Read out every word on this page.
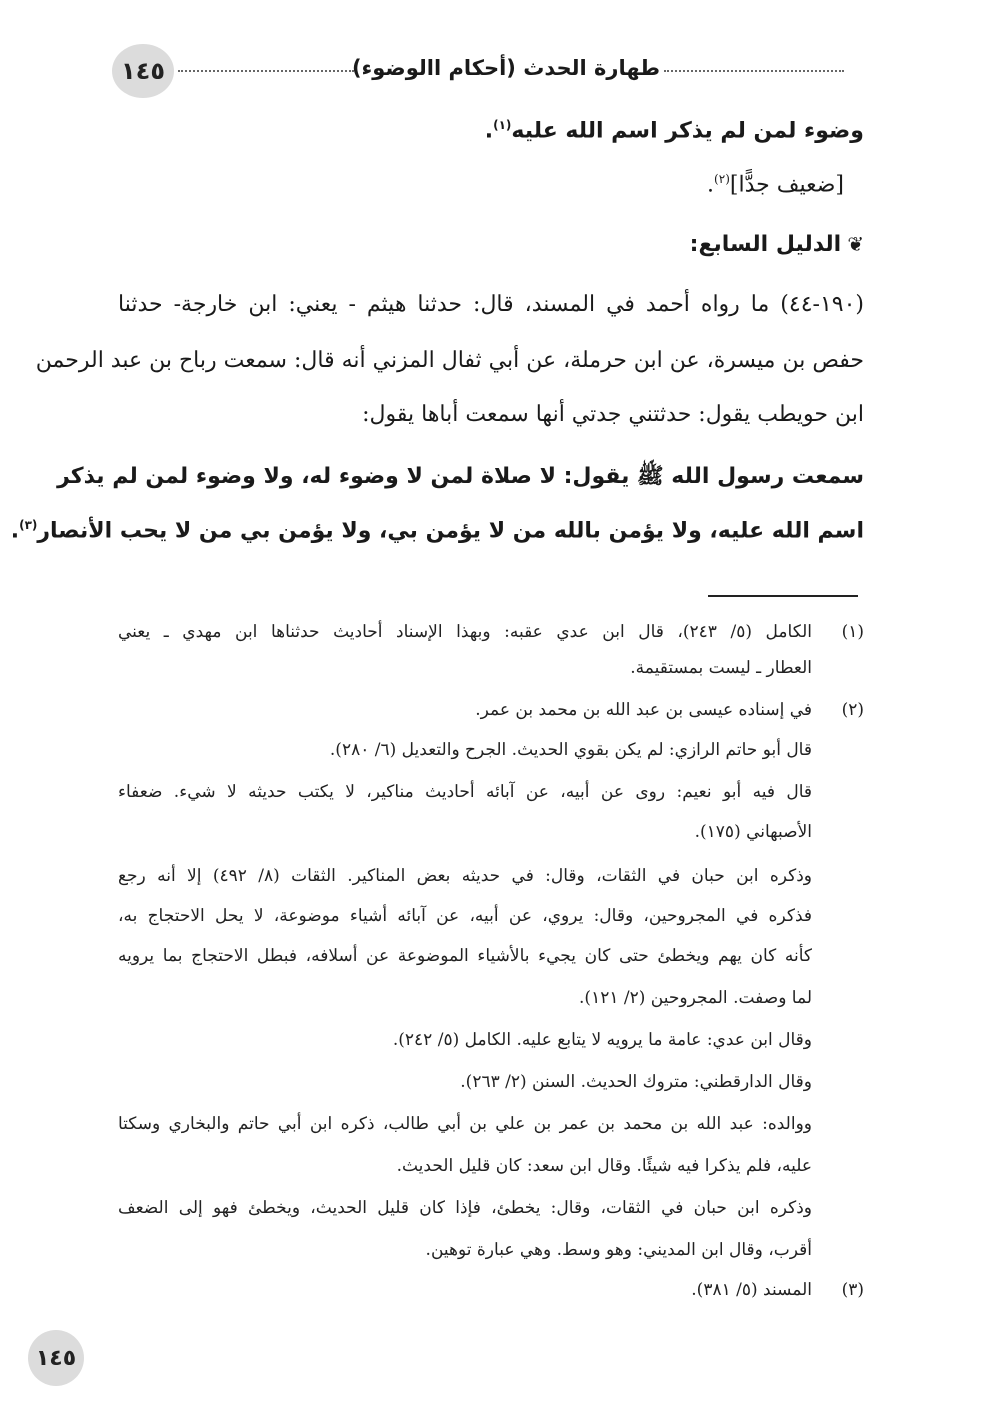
١٤٥	طهارة الحدث (أحكام االوضوء)
وضوء لمن لم يذكر اسم الله عليه$^{(١)}$.
[ضعيف جدًّا]$^{(٢)}$.
❦الدليل السابع:
(١٩٠-٤٤) ما رواه أحمد في المسند، قال: حدثنا هيثم - يعني: ابن خارجة- حدثنا
حفص بن ميسرة، عن ابن حرملة، عن أبي ثفال المزني أنه قال: سمعت رباح بن عبد الرحمن
ابن حويطب يقول: حدثتني جدتي أنها سمعت أباها يقول:
سمعت رسول الله ﷺ يقول: لا صلاة لمن لا وضوء له، ولا وضوء لمن لم يذكر
اسم الله عليه، ولا يؤمن بالله من لا يؤمن بي، ولا يؤمن بي من لا يحب الأنصار$^{(٣)}$.
(١)
الكامل (٥/ ٢٤٣)، قال ابن عدي عقبه: وبهذا الإسناد أحاديث حدثناها ابن مهدي ـ يعني
العطار ـ ليست بمستقيمة.
(٢)
في إسناده عيسى بن عبد الله بن محمد بن عمر.
قال أبو حاتم الرازي: لم يكن بقوي الحديث. الجرح والتعديل (٦/ ٢٨٠).
قال فيه أبو نعيم: روى عن أبيه، عن آبائه أحاديث مناكير، لا يكتب حديثه لا شيء. ضعفاء
الأصبهاني (١٧٥).
وذكره ابن حبان في الثقات، وقال: في حديثه بعض المناكير. الثقات (٨/ ٤٩٢) إلا أنه رجع
فذكره في المجروحين، وقال: يروي، عن أبيه، عن آبائه أشياء موضوعة، لا يحل الاحتجاج به،
كأنه كان يهم ويخطئ حتى كان يجيء بالأشياء الموضوعة عن أسلافه، فبطل الاحتجاج بما يرويه
لما وصفت. المجروحين (٢/ ١٢١).
وقال ابن عدي: عامة ما يرويه لا يتابع عليه. الكامل (٥/ ٢٤٢).
وقال الدارقطني: متروك الحديث. السنن (٢/ ٢٦٣).
ووالده: عبد الله بن محمد بن عمر بن علي بن أبي طالب، ذكره ابن أبي حاتم والبخاري وسكتا
عليه، فلم يذكرا فيه شيئًا. وقال ابن سعد: كان قليل الحديث.
وذكره ابن حبان في الثقات، وقال: يخطئ، فإذا كان قليل الحديث، ويخطئ فهو إلى الضعف
أقرب، وقال ابن المديني: وهو وسط. وهي عبارة توهين.
(٣)
المسند (٥/ ٣٨١).
١٤٥
